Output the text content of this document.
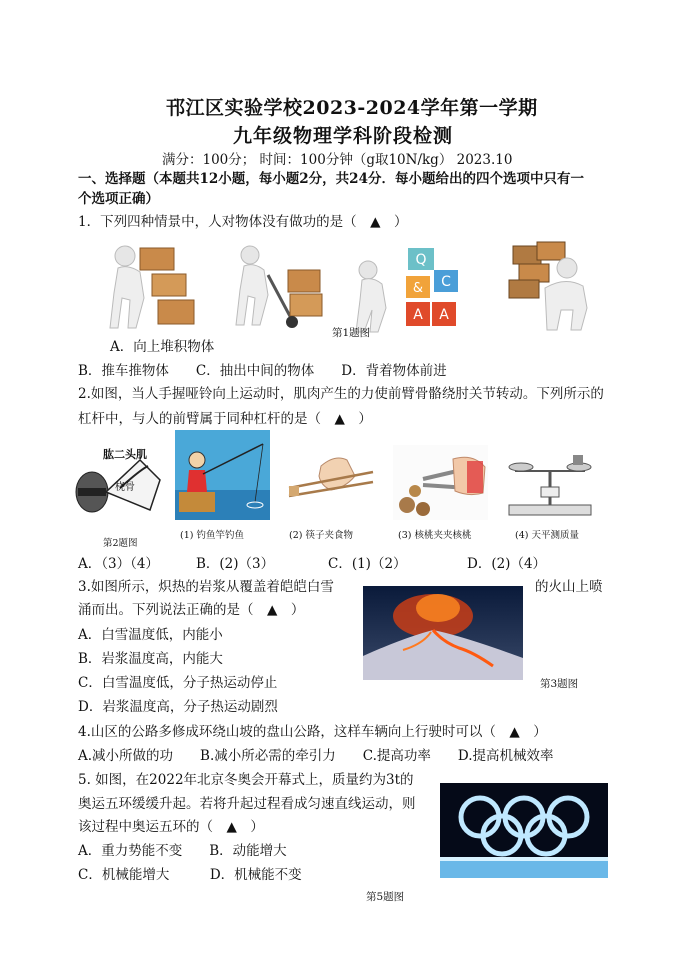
邗江区实验学校2023-2024学年第一学期
九年级物理学科阶段检测
满分：100分； 时间：100分钟（g取10N/kg） 2023.10
一、选择题（本题共12小题，每小题2分，共24分．每小题给出的四个选项中只有一
个选项正确）
1．下列四种情景中，人对物体没有做功的是（　▲　）
Q
C
&
A A
第1题图
A．向上堆积物体
B．推车推物体　　C．抽出中间的物体　　D．背着物体前进
2.如图，当人手握哑铃向上运动时，肌肉产生的力使前臂骨骼绕肘关节转动。下列所示的
杠杆中，与人的前臂属于同种杠杆的是（　▲　）
肱二头肌
桡骨
第2题图
(1) 钓鱼竿钓鱼	(2) 筷子夹食物	(3) 核桃夹夹核桃	(4) 天平测质量
A．（3）（4）	B．(2)（3）	C．(1)（2）	D．(2)（4）
3.如图所示，炽热的岩浆从覆盖着皑皑白雪	的火山上喷
涌而出。下列说法正确的是（　▲　）
A．白雪温度低，内能小
B．岩浆温度高，内能大
C．白雪温度低，分子热运动停止
D．岩浆温度高，分子热运动剧烈
第3题图
4.山区的公路多修成环绕山坡的盘山公路，这样车辆向上行驶时可以（　▲　）
A.减小所做的功　　B.减小所必需的牵引力　　C.提高功率　　D.提高机械效率
5. 如图，在2022年北京冬奥会开幕式上，质量约为3t的
奥运五环缓缓升起。若将升起过程看成匀速直线运动，则
该过程中奥运五环的（　▲　）
A．重力势能不变　　B．动能增大
C．机械能增大　　　D．机械能不变
第5题图
